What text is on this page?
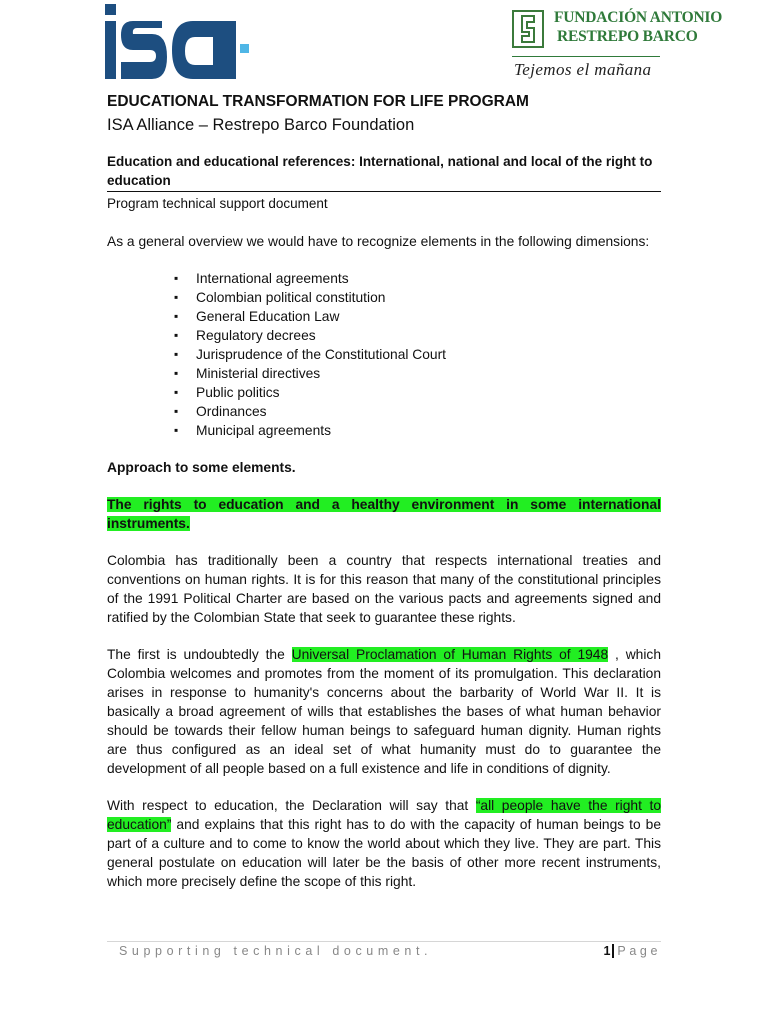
FUNDACIÓN ANTONIO
RESTREPO BARCO
Tejemos el mañana
EDUCATIONAL TRANSFORMATION FOR LIFE PROGRAM
ISA Alliance – Restrepo Barco Foundation
Education and educational references: International, national and local of the right to education
Program technical support document

As a general overview we would have to recognize elements in the following dimensions:

▪ International agreements
▪ Colombian political constitution
▪ General Education Law
▪ Regulatory decrees
▪ Jurisprudence of the Constitutional Court
▪ Ministerial directives
▪ Public politics
▪ Ordinances
▪ Municipal agreements

Approach to some elements.

The rights to education and a healthy environment in some international instruments.

Colombia has traditionally been a country that respects international treaties and conventions on human rights. It is for this reason that many of the constitutional principles of the 1991 Political Charter are based on the various pacts and agreements signed and ratified by the Colombian State that seek to guarantee these rights.

The first is undoubtedly the Universal Proclamation of Human Rights of 1948 , which Colombia welcomes and promotes from the moment of its promulgation. This declaration arises in response to humanity's concerns about the barbarity of World War II. It is basically a broad agreement of wills that establishes the bases of what human behavior should be towards their fellow human beings to safeguard human dignity. Human rights are thus configured as an ideal set of what humanity must do to guarantee the development of all people based on a full existence and life in conditions of dignity.

With respect to education, the Declaration will say that “all people have the right to education” and explains that this right has to do with the capacity of human beings to be part of a culture and to come to know the world about which they live. They are part. This general postulate on education will later be the basis of other more recent instruments, which more precisely define the scope of this right.

Supporting technical document.	1 Page
